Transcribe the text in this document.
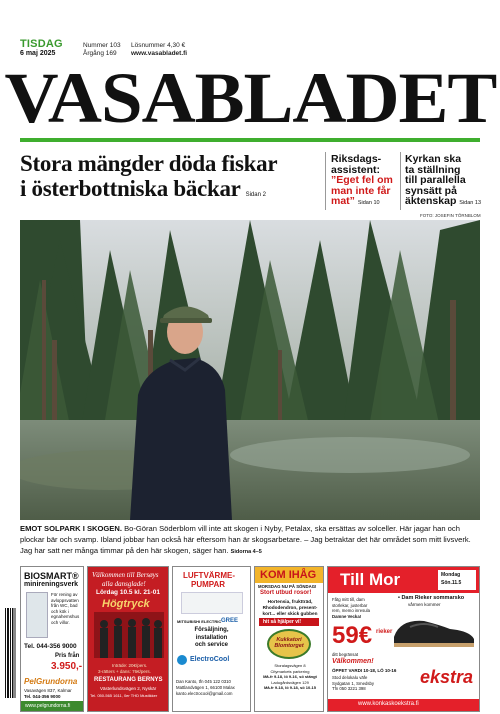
TISDAG
6 maj 2025
Nummer 103
Årgång 169
Lösnummer 4,30 €
www.vasabladet.fi
VASABLADET
Stora mängder döda fiskar
i österbottniska bäckar Sidan 2
Riksdags-assistent:
”Eget fel om
man inte får
mat” Sidan 10
Kyrkan ska
ta ställning
till parallella
synsätt på
äktenskap Sidan 13
FOTO: JOSEFIN TÖRNBLOM
EMOT SOLPARK I SKOGEN. Bo-Göran Söderblom vill inte att skogen i Nyby, Petalax, ska ersättas av solceller. Här jagar han och plockar bär och svamp. Ibland jobbar han också här eftersom han är skogsarbetare. – Jag betraktar det här området som mitt livsverk. Jag har satt ner många timmar på den här skogen, säger han. Sidorna 4–5
BIOSMART®
minireningsverk
För rening av
avloppsvatten
från WC, bad
och kök i
egnahemshus
och villor.
Tel. 044-356 9000
Pris från
3.950,-
PelGrundorna
Vasavägen 837, Kalmar
Tel. 044-356 9000
www.pelgrundorna.fi
Välkommen till Bersøys
alla dansglade!
Lördag 10.5 kl. 21-01
Högtryck
Inträde: 20€/pers.
3-rätters + dans: 76€/pers.
RESTAURANG BERNYS
Västerlundsvägen 2, Nyskär
Tel. 050-565 1611, 0er THD Mustikker
LUFTVÄRME-
PUMPAR
MITSUBISHI ELECTRIC GREE
Försäljning,
installation
och service
ElectroCool
Dan Kanto, tfn 045 122 0310
Mattlandvägen 1, 66100 Malax
kanto.electrocool@gmail.com
KOM IHÅG
MORSDAG NU PÅ SÖNDAG!
Stort utbud rosor!
Hortensia, fruktträd,
Rhododendron, present-
kort... eller skick gubben
hit så hjälper vi!
Kukkatori Blomtorget
Storalagsvägen 8
Citymarkets parkering
Må-fr 9-18, lö 9-16, sö stängt
Ladugårdsvägen 129
Må-fr 9-18, lö 9-18, sö 10-15
Till Mor	Mondag
Sön.11.5
• Dam Rieker sommarsko
vårmen kommer
Fåtg mitt till, dam
storlekar, justerbar
rem, memo inresula
Damne Vecka!
59€ rieker
ditt begränsat
Välkommen!
ÖPPET VARDI 10-18, LÖ 10-16
Stod delokalu väfe
Sydgatan 1, Smedsby
Tfn 050 3221 398
ekstra
www.konkaskoekstra.fi
